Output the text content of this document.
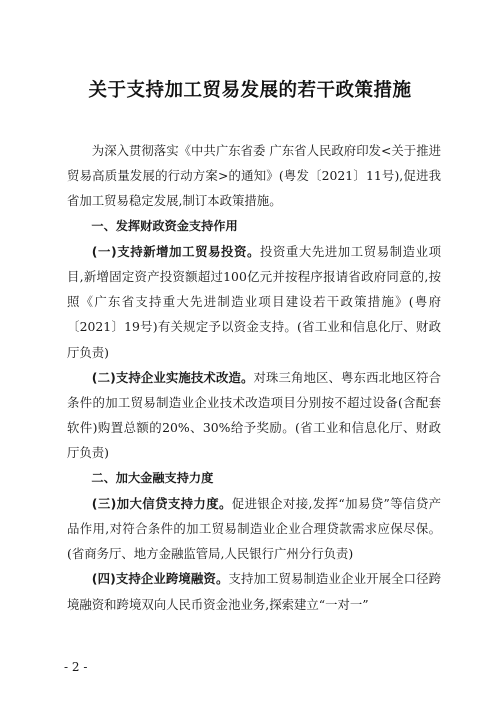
关于支持加工贸易发展的若干政策措施

为深入贯彻落实《中共广东省委 广东省人民政府印发<关于推进贸易高质量发展的行动方案>的通知》(粤发〔2021〕11号),促进我省加工贸易稳定发展,制订本政策措施。

一、发挥财政资金支持作用

(一)支持新增加工贸易投资。投资重大先进加工贸易制造业项目,新增固定资产投资额超过100亿元并按程序报请省政府同意的,按照《广东省支持重大先进制造业项目建设若干政策措施》(粤府〔2021〕19号)有关规定予以资金支持。(省工业和信息化厅、财政厅负责)

(二)支持企业实施技术改造。对珠三角地区、粤东西北地区符合条件的加工贸易制造业企业技术改造项目分别按不超过设备(含配套软件)购置总额的20%、30%给予奖励。(省工业和信息化厅、财政厅负责)

二、加大金融支持力度

(三)加大信贷支持力度。促进银企对接,发挥“加易贷”等信贷产品作用,对符合条件的加工贸易制造业企业合理贷款需求应保尽保。(省商务厅、地方金融监管局,人民银行广州分行负责)

(四)支持企业跨境融资。支持加工贸易制造业企业开展全口径跨境融资和跨境双向人民币资金池业务,探索建立“一对一”

- 2 -
